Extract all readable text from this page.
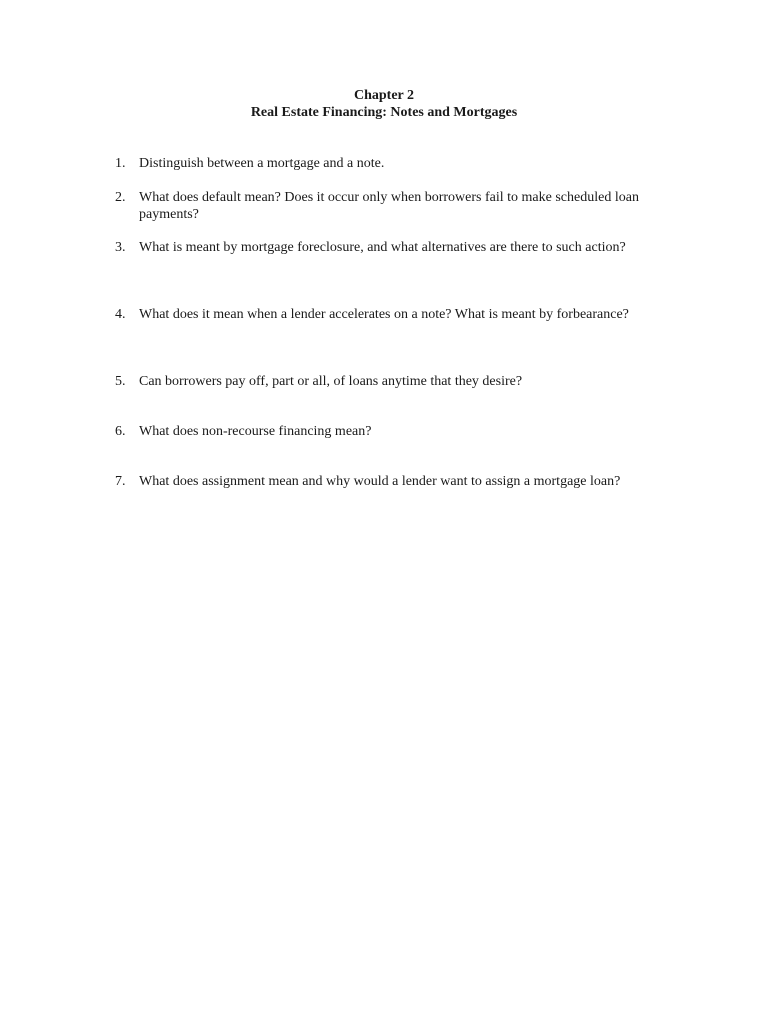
Chapter 2
Real Estate Financing: Notes and Mortgages
1. Distinguish between a mortgage and a note.
2. What does default mean? Does it occur only when borrowers fail to make scheduled loan payments?
3. What is meant by mortgage foreclosure, and what alternatives are there to such action?
4. What does it mean when a lender accelerates on a note? What is meant by forbearance?
5. Can borrowers pay off, part or all, of loans anytime that they desire?
6. What does non-recourse financing mean?
7. What does assignment mean and why would a lender want to assign a mortgage loan?
